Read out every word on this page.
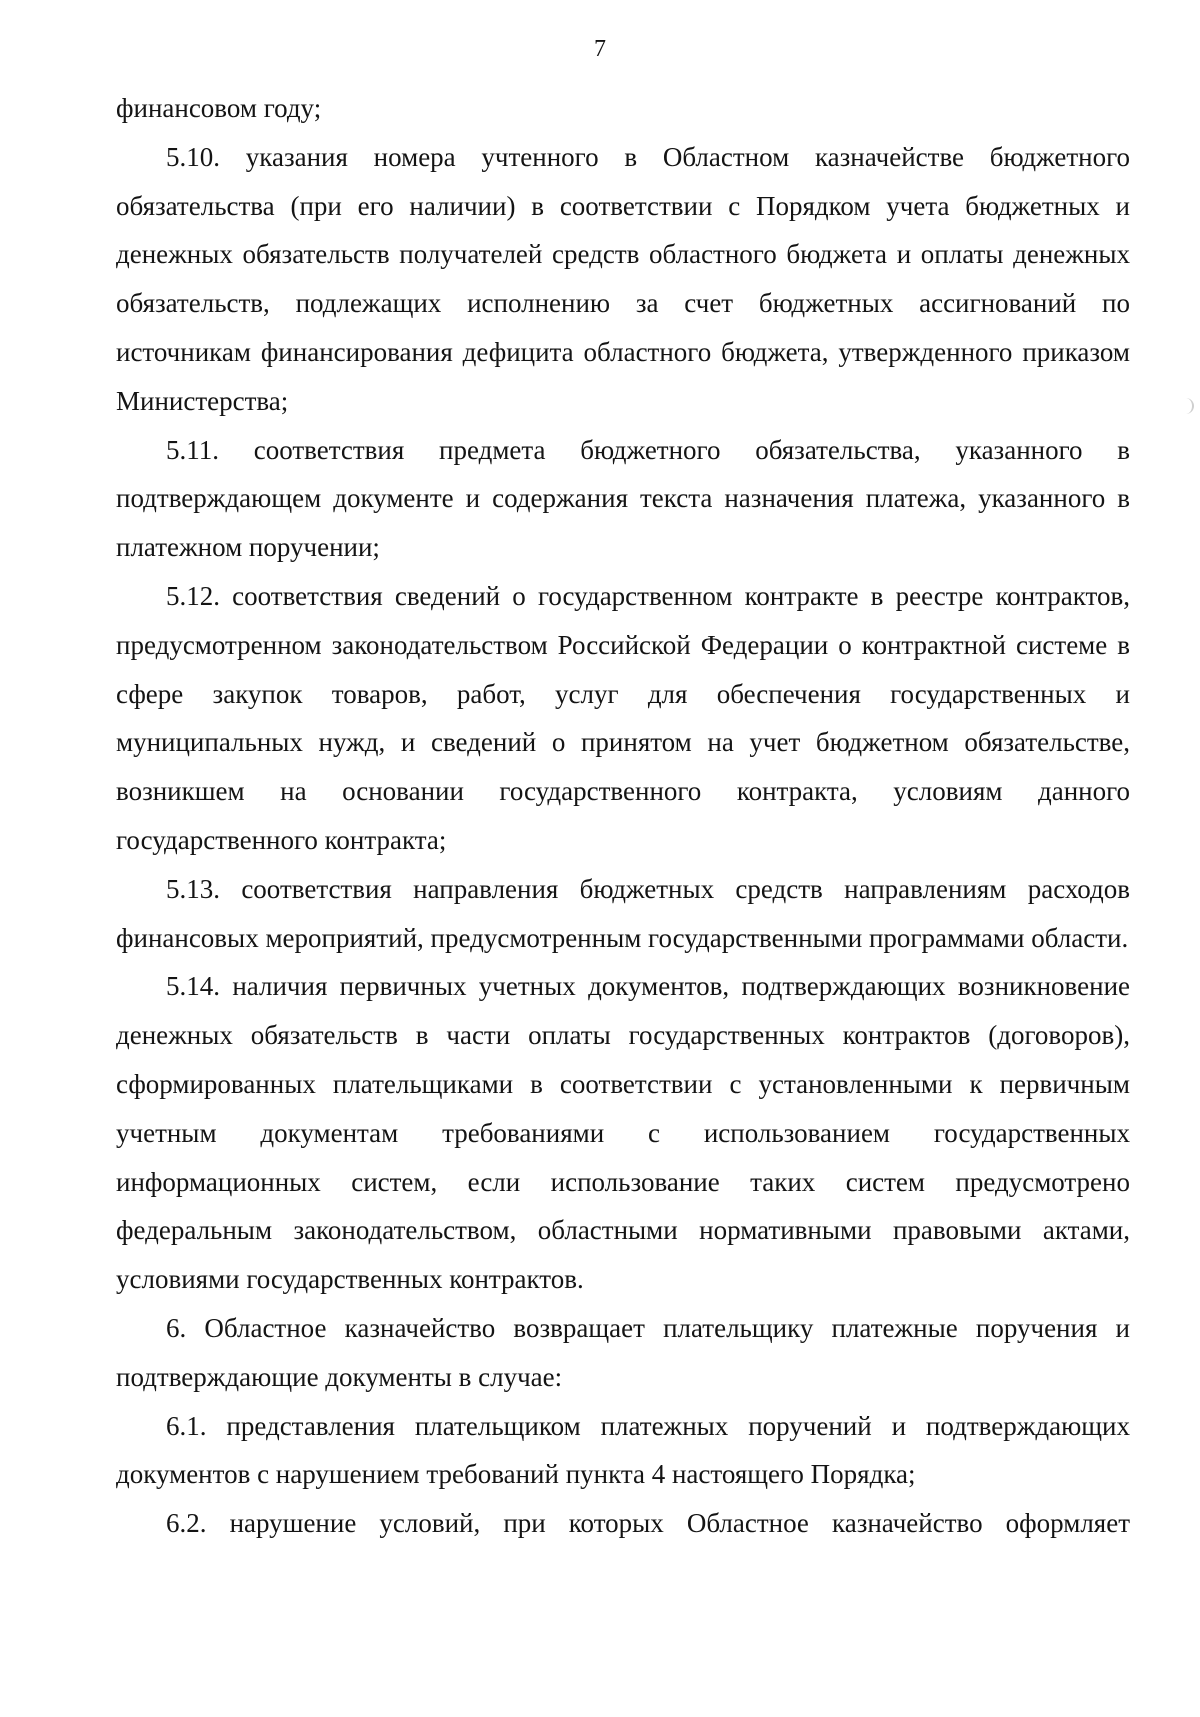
7

финансовом году;

5.10. указания номера учтенного в Областном казначействе бюджетного обязательства (при его наличии) в соответствии с Порядком учета бюджетных и денежных обязательств получателей средств областного бюджета и оплаты денежных обязательств, подлежащих исполнению за счет бюджетных ассигнований по источникам финансирования дефицита областного бюджета, утвержденного приказом Министерства;

5.11. соответствия предмета бюджетного обязательства, указанного в подтверждающем документе и содержания текста назначения платежа, указанного в платежном поручении;

5.12. соответствия сведений о государственном контракте в реестре контрактов, предусмотренном законодательством Российской Федерации о контрактной системе в сфере закупок товаров, работ, услуг для обеспечения государственных и муниципальных нужд, и сведений о принятом на учет бюджетном обязательстве, возникшем на основании государственного контракта, условиям данного государственного контракта;

5.13. соответствия направления бюджетных средств направлениям расходов финансовых мероприятий, предусмотренным государственными программами области.

5.14. наличия первичных учетных документов, подтверждающих возникновение денежных обязательств в части оплаты государственных контрактов (договоров), сформированных плательщиками в соответствии с установленными к первичным учетным документам требованиями с использованием государственных информационных систем, если использование таких систем предусмотрено федеральным законодательством, областными нормативными правовыми актами, условиями государственных контрактов.

6. Областное казначейство возвращает плательщику платежные поручения и подтверждающие документы в случае:

6.1. представления плательщиком платежных поручений и подтверждающих документов с нарушением требований пункта 4 настоящего Порядка;

6.2. нарушение условий, при которых Областное казначейство оформляет
